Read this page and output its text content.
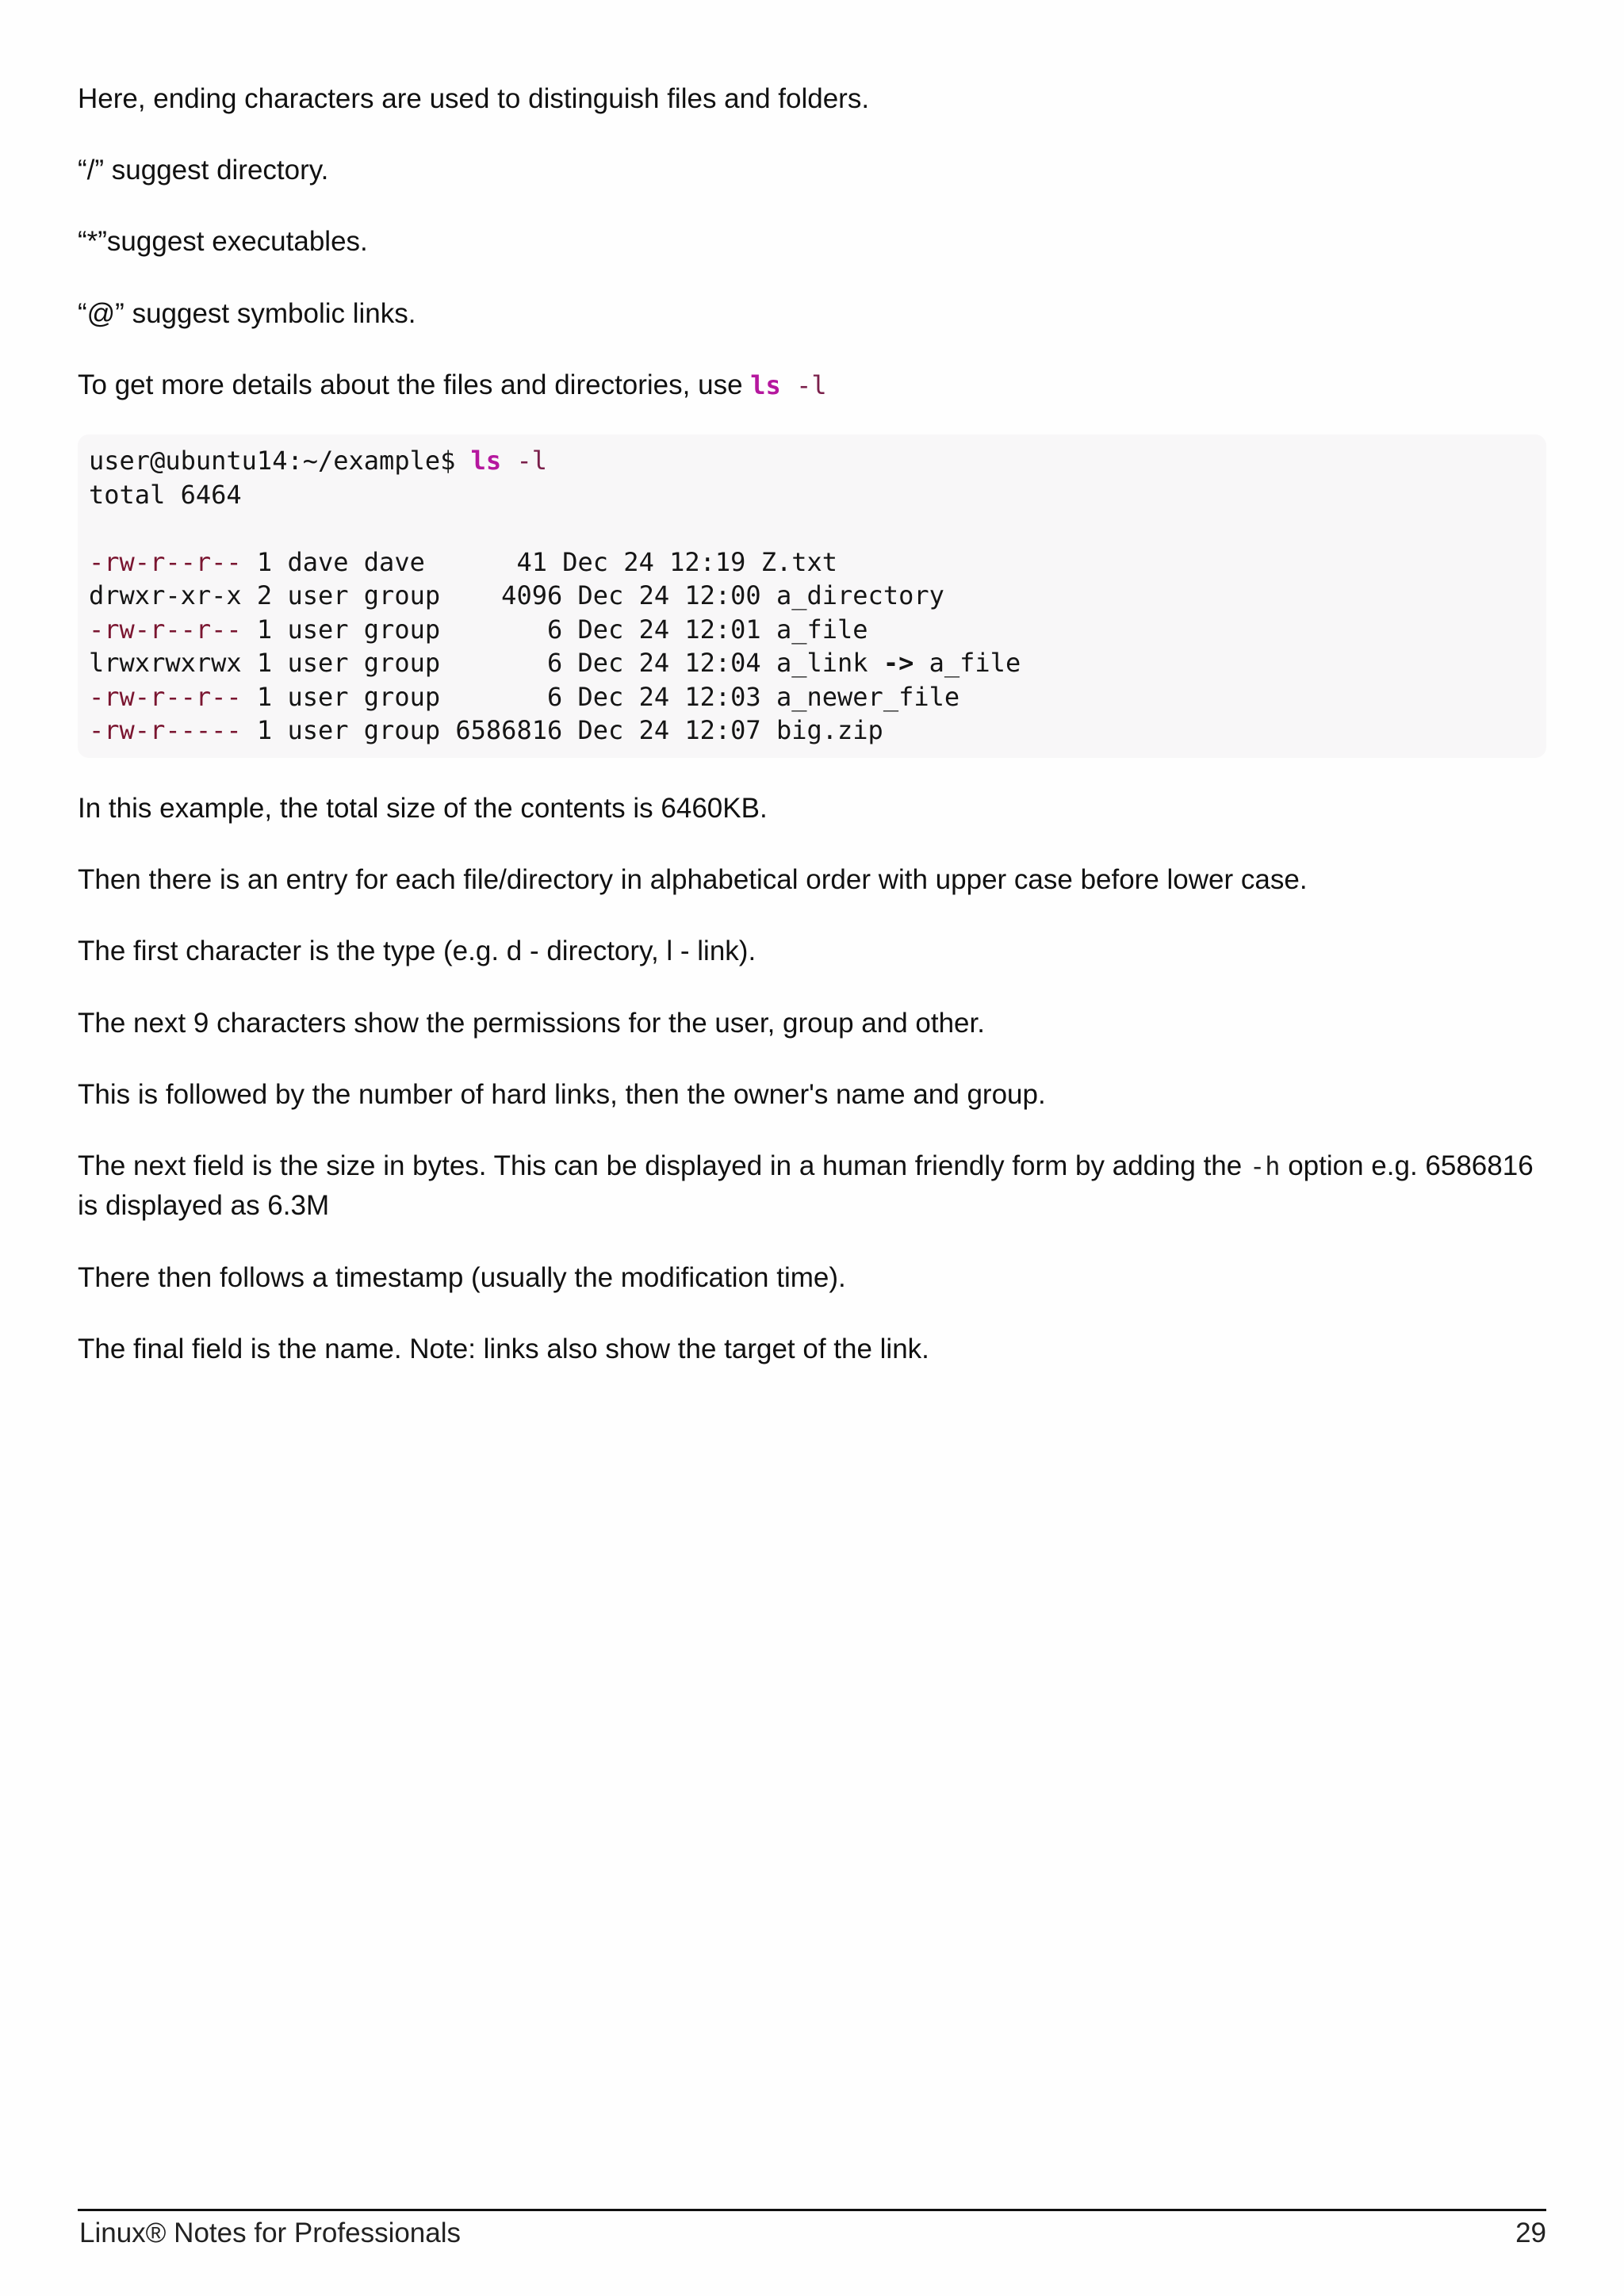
Here, ending characters are used to distinguish files and folders.

“/” suggest directory.

“*”suggest executables.

“@” suggest symbolic links.

To get more details about the files and directories, use ls -l

user@ubuntu14:~/example$ ls -l
total 6464
-rw-r--r-- 1 dave dave      41 Dec 24 12:19 Z.txt
drwxr-xr-x 2 user group    4096 Dec 24 12:00 a_directory
-rw-r--r-- 1 user group       6 Dec 24 12:01 a_file
lrwxrwxrwx 1 user group       6 Dec 24 12:04 a_link -> a_file
-rw-r--r-- 1 user group       6 Dec 24 12:03 a_newer_file
-rw-r----- 1 user group 6586816 Dec 24 12:07 big.zip

In this example, the total size of the contents is 6460KB.

Then there is an entry for each file/directory in alphabetical order with upper case before lower case.

The first character is the type (e.g. d - directory, l - link).

The next 9 characters show the permissions for the user, group and other.

This is followed by the number of hard links, then the owner's name and group.

The next field is the size in bytes. This can be displayed in a human friendly form by adding the -h option e.g. 6586816 is displayed as 6.3M

There then follows a timestamp (usually the modification time).

The final field is the name. Note: links also show the target of the link.

Linux® Notes for Professionals	29
